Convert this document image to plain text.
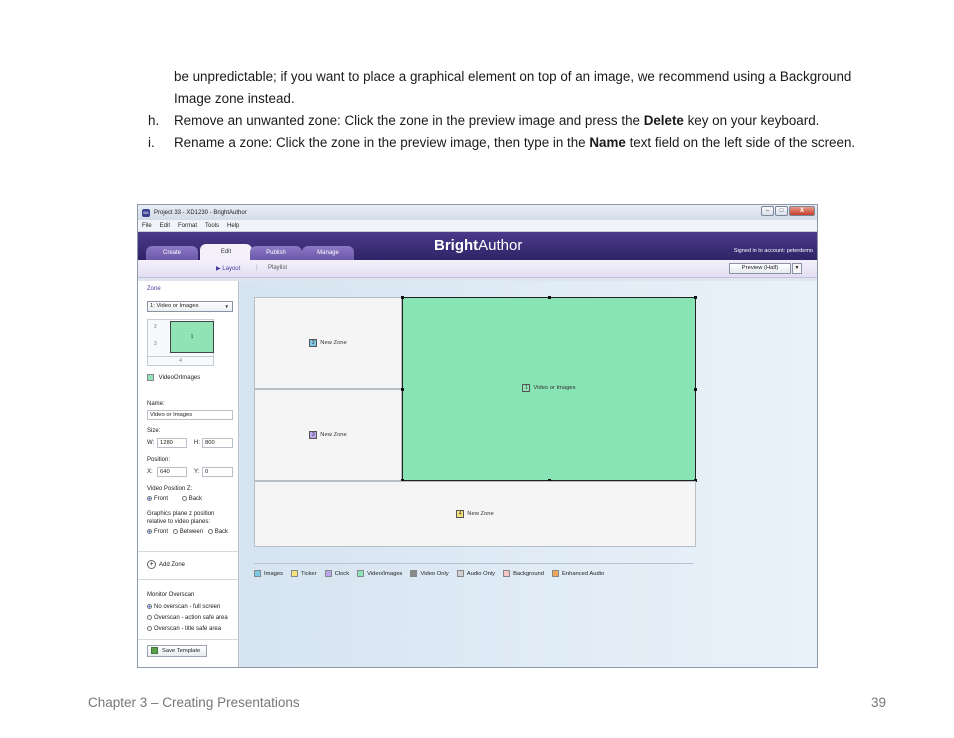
be unpredictable; if you want to place a graphical element on top of an image, we recommend using a Background Image zone instead.
h.	Remove an unwanted zone: Click the zone in the preview image and press the Delete key on your keyboard.
i.	Rename a zone: Click the zone in the preview image, then type in the Name text field on the left side of the screen.
BA Project 33 - XD1230 - BrightAuthor	–	□	X
File Edit Format Tools Help
Create	Edit	Publish	Manage	BrightAuthor	Signed in to account: peterdemo
▶ Layout	| Playlist	Preview (Half)	▼
Zone
1: Video or Images	▼
2
3
1
4
VideoOrImages
Name:
Video or Images
Size:
W: 1280	H: 800
Position:
X:	640	Y: 0
Video Position Z:
Front	Back
Graphics plane z position
relative to video planes:
Front Between Back
+ Add Zone
Monitor Overscan
No overscan - full screen
Overscan - action safe area
Overscan - title safe area
Save Template
2 New Zone
3 New Zone
1 Video or Images
4 New Zone
Images	Ticker	Clock	Video/Images	Video Only	Audio Only	Background	Enhanced Audio
Chapter 3 – Creating Presentations	39
